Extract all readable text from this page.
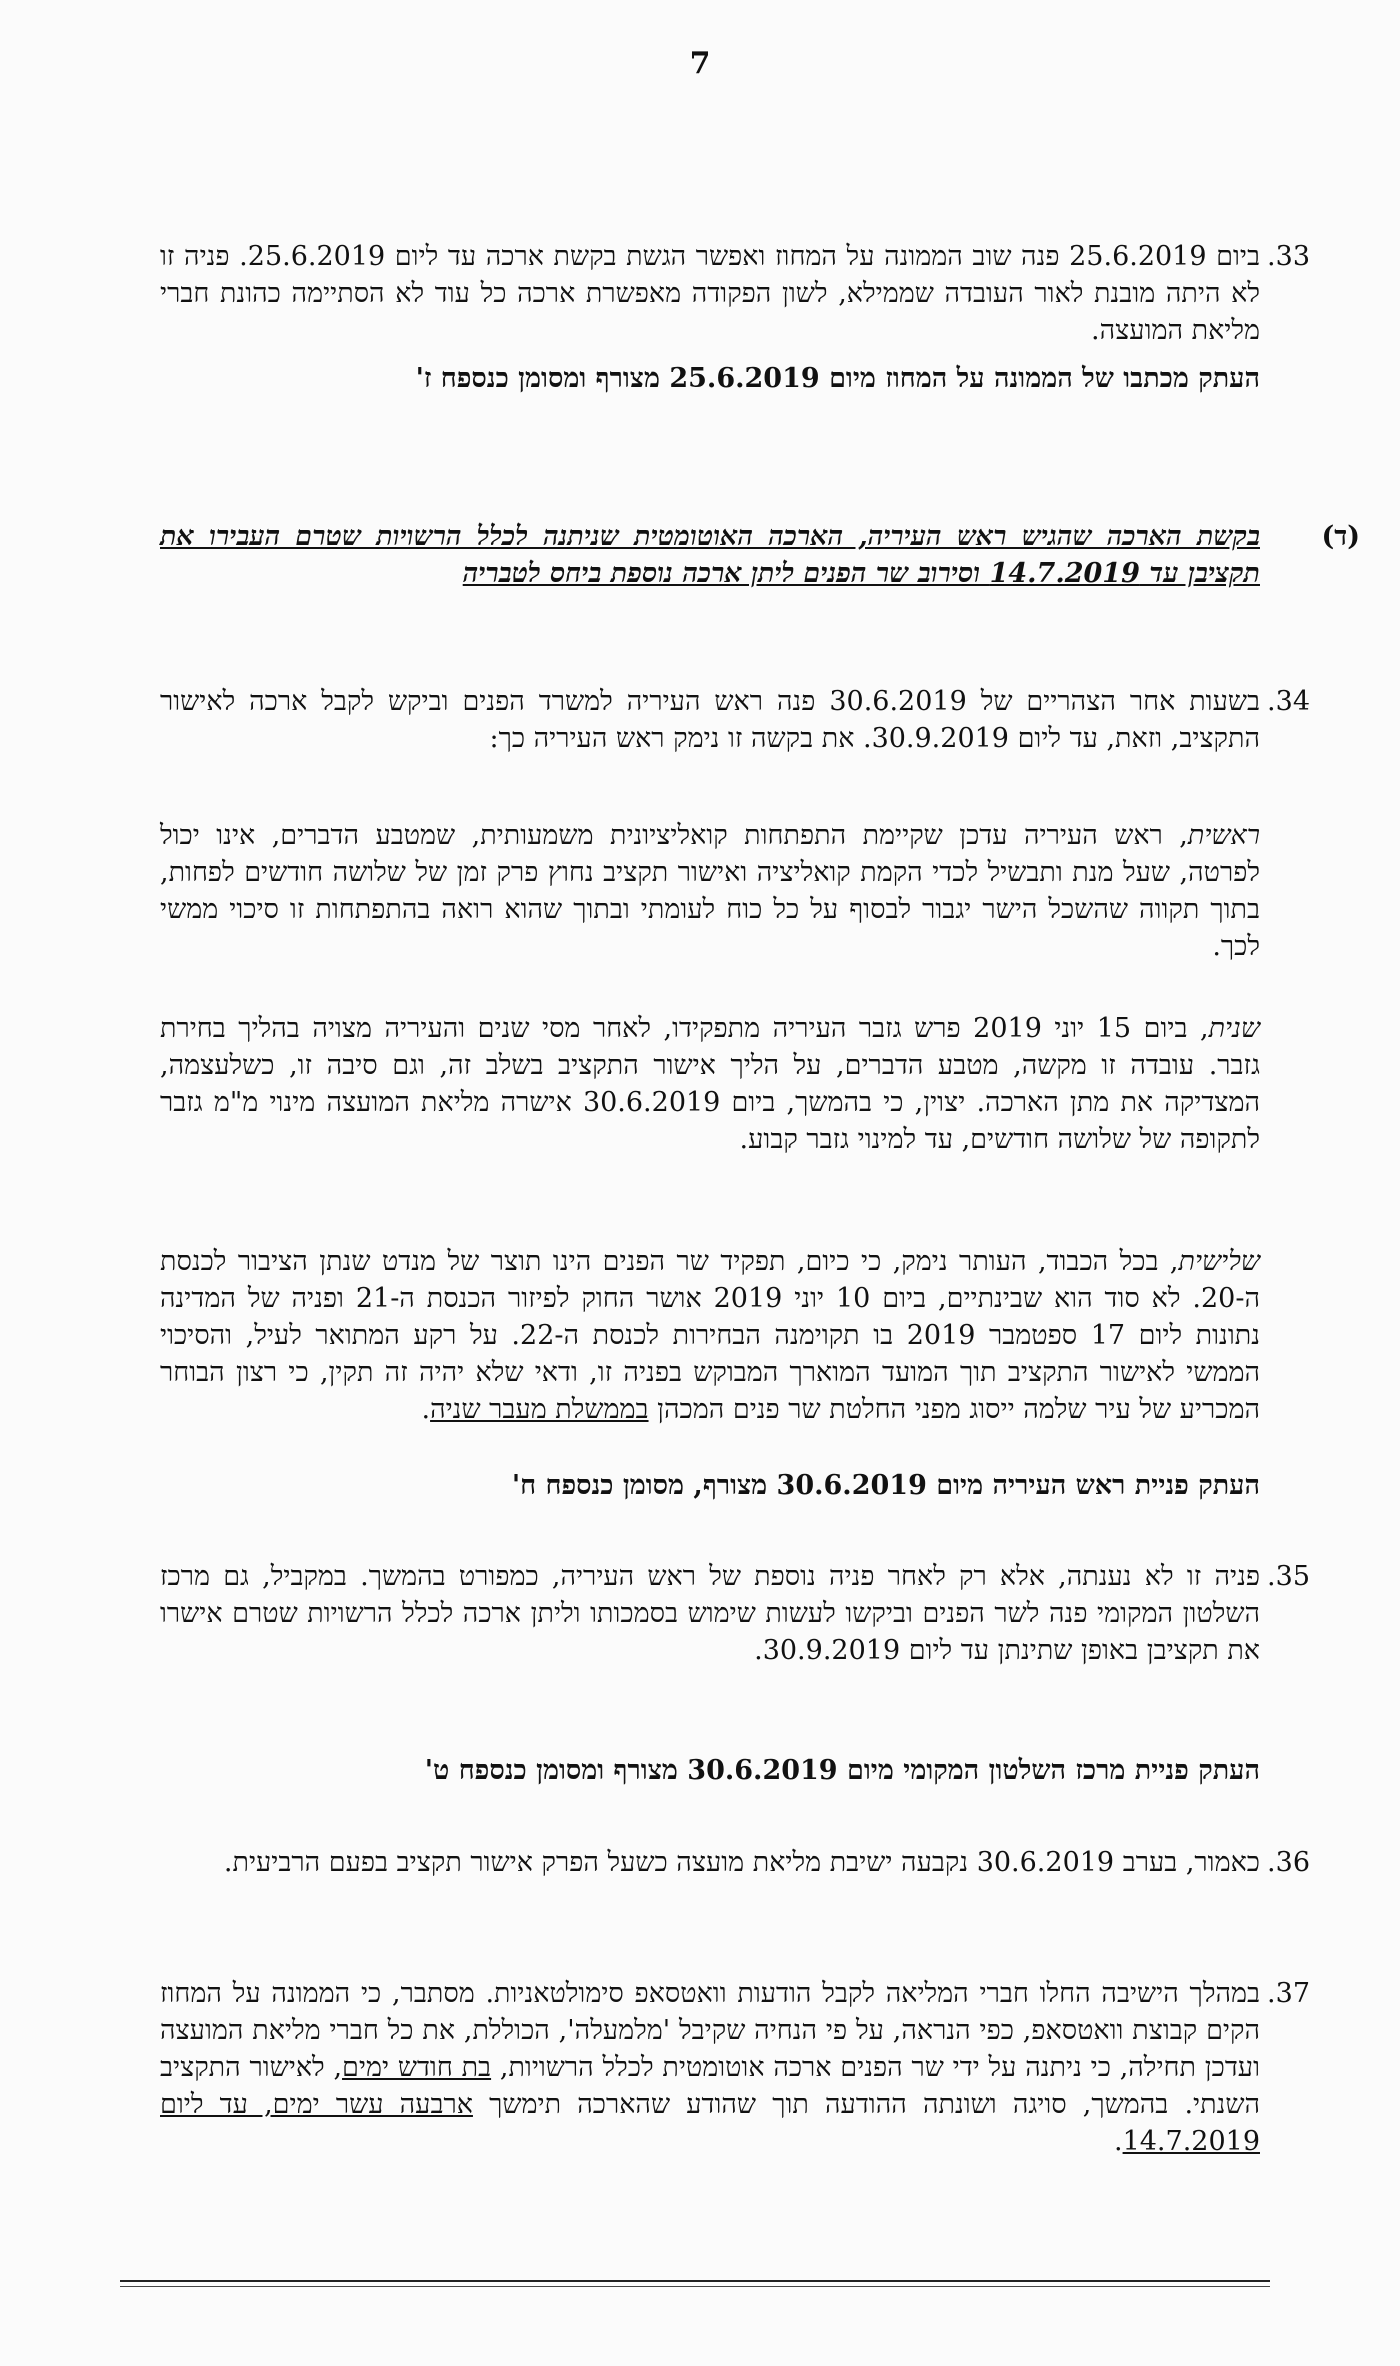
7
33.
ביום 25.6.2019 פנה שוב הממונה על המחוז ואפשר הגשת בקשת ארכה עד ליום 25.6.2019. פניה זו לא היתה מובנת לאור העובדה שממילא, לשון הפקודה מאפשרת ארכה כל עוד לא הסתיימה כהונת חברי מליאת המועצה.
העתק מכתבו של הממונה על המחוז מיום 25.6.2019 מצורף ומסומן כנספח ז'
(ד)
בקשת הארכה שהגיש ראש העיריה, הארכה האוטומטית שניתנה לכלל הרשויות שטרם העבירו את תקציבן עד 14.7.2019 וסירוב שר הפנים ליתן ארכה נוספת ביחס לטבריה
34.
בשעות אחר הצהריים של 30.6.2019 פנה ראש העיריה למשרד הפנים וביקש לקבל ארכה לאישור התקציב, וזאת, עד ליום 30.9.2019. את בקשה זו נימק ראש העיריה כך:
ראשית, ראש העיריה עדכן שקיימת התפתחות קואליציונית משמעותית, שמטבע הדברים, אינו יכול לפרטה, שעל מנת ותבשיל לכדי הקמת קואליציה ואישור תקציב נחוץ פרק זמן של שלושה חודשים לפחות, בתוך תקווה שהשכל הישר יגבור לבסוף על כל כוח לעומתי ובתוך שהוא רואה בהתפתחות זו סיכוי ממשי לכך.
שנית, ביום 15 יוני 2019 פרש גזבר העיריה מתפקידו, לאחר מסי שנים והעיריה מצויה בהליך בחירת גזבר. עובדה זו מקשה, מטבע הדברים, על הליך אישור התקציב בשלב זה, וגם סיבה זו, כשלעצמה, המצדיקה את מתן הארכה. יצוין, כי בהמשך, ביום 30.6.2019 אישרה מליאת המועצה מינוי מ"מ גזבר לתקופה של שלושה חודשים, עד למינוי גזבר קבוע.
שלישית, בכל הכבוד, העותר נימק, כי כיום, תפקיד שר הפנים הינו תוצר של מנדט שנתן הציבור לכנסת ה-20. לא סוד הוא שבינתיים, ביום 10 יוני 2019 אושר החוק לפיזור הכנסת ה-21 ופניה של המדינה נתונות ליום 17 ספטמבר 2019 בו תקוימנה הבחירות לכנסת ה-22. על רקע המתואר לעיל, והסיכוי הממשי לאישור התקציב תוך המועד המוארך המבוקש בפניה זו, ודאי שלא יהיה זה תקין, כי רצון הבוחר המכריע של עיר שלמה ייסוג מפני החלטת שר פנים המכהן בממשלת מעבר שניה.
העתק פניית ראש העיריה מיום 30.6.2019 מצורף, מסומן כנספח ח'
35.
פניה זו לא נענתה, אלא רק לאחר פניה נוספת של ראש העיריה, כמפורט בהמשך. במקביל, גם מרכז השלטון המקומי פנה לשר הפנים וביקשו לעשות שימוש בסמכותו וליתן ארכה לכלל הרשויות שטרם אישרו את תקציבן באופן שתינתן עד ליום 30.9.2019.
העתק פניית מרכז השלטון המקומי מיום 30.6.2019 מצורף ומסומן כנספח ט'
36.
כאמור, בערב 30.6.2019 נקבעה ישיבת מליאת מועצה כשעל הפרק אישור תקציב בפעם הרביעית.
37.
במהלך הישיבה החלו חברי המליאה לקבל הודעות וואטסאפ סימולטאניות. מסתבר, כי הממונה על המחוז הקים קבוצת וואטסאפ, כפי הנראה, על פי הנחיה שקיבל 'מלמעלה', הכוללת, את כל חברי מליאת המועצה ועדכן תחילה, כי ניתנה על ידי שר הפנים ארכה אוטומטית לכלל הרשויות, בת חודש ימים, לאישור התקציב השנתי. בהמשך, סויגה ושונתה ההודעה תוך שהודע שהארכה תימשך ארבעה עשר ימים, עד ליום 14.7.2019.
